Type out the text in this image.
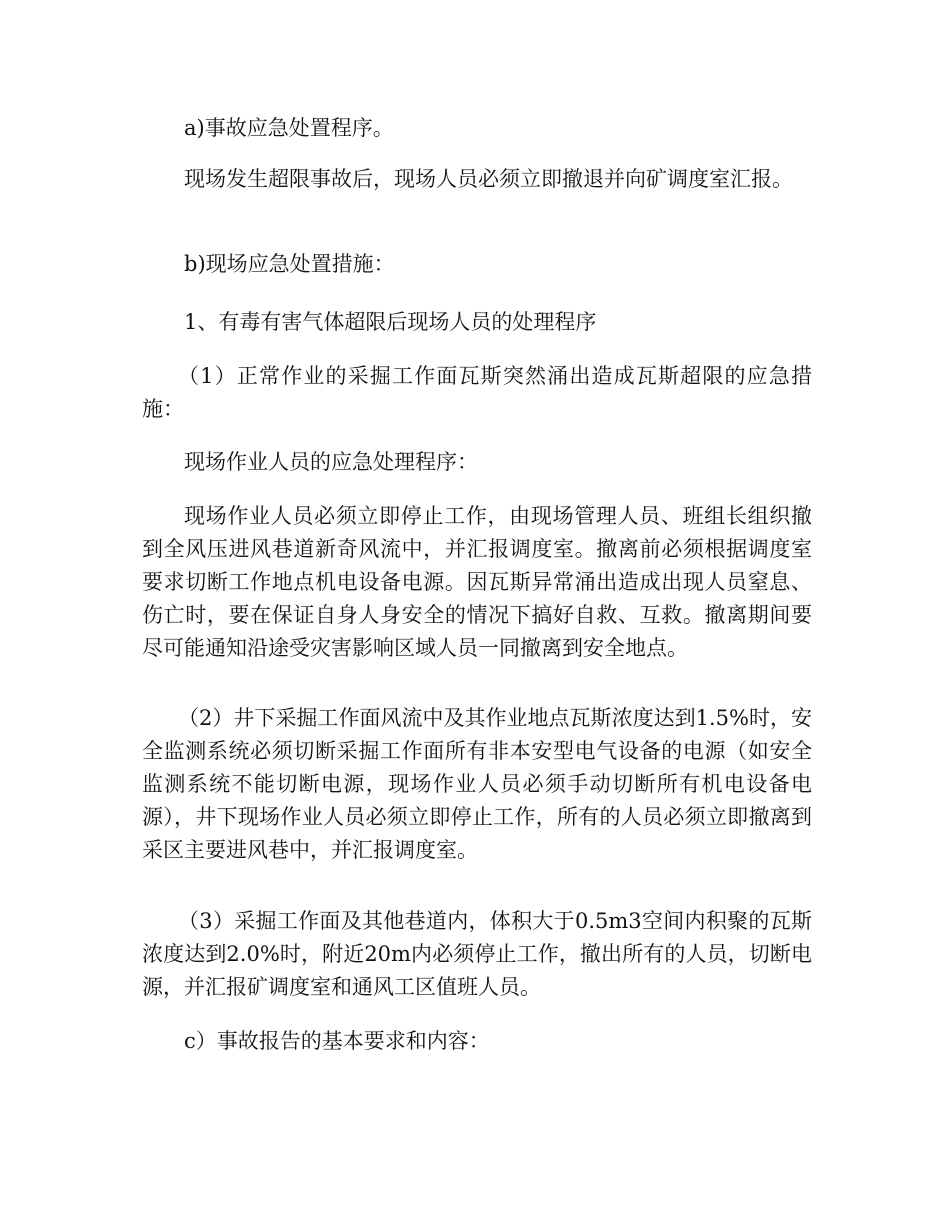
a)事故应急处置程序。

现场发生超限事故后，现场人员必须立即撤退并向矿调度室汇报。

b)现场应急处置措施：

1、有毒有害气体超限后现场人员的处理程序

（1）正常作业的采掘工作面瓦斯突然涌出造成瓦斯超限的应急措施：

现场作业人员的应急处理程序：

现场作业人员必须立即停止工作，由现场管理人员、班组长组织撤到全风压进风巷道新奇风流中，并汇报调度室。撤离前必须根据调度室要求切断工作地点机电设备电源。因瓦斯异常涌出造成出现人员窒息、伤亡时，要在保证自身人身安全的情况下搞好自救、互救。撤离期间要尽可能通知沿途受灾害影响区域人员一同撤离到安全地点。

（2）井下采掘工作面风流中及其作业地点瓦斯浓度达到1.5%时，安全监测系统必须切断采掘工作面所有非本安型电气设备的电源（如安全监测系统不能切断电源，现场作业人员必须手动切断所有机电设备电源），井下现场作业人员必须立即停止工作，所有的人员必须立即撤离到采区主要进风巷中，并汇报调度室。

（3）采掘工作面及其他巷道内，体积大于0.5m3空间内积聚的瓦斯浓度达到2.0%时，附近20m内必须停止工作，撤出所有的人员，切断电源，并汇报矿调度室和通风工区值班人员。

c）事故报告的基本要求和内容：
